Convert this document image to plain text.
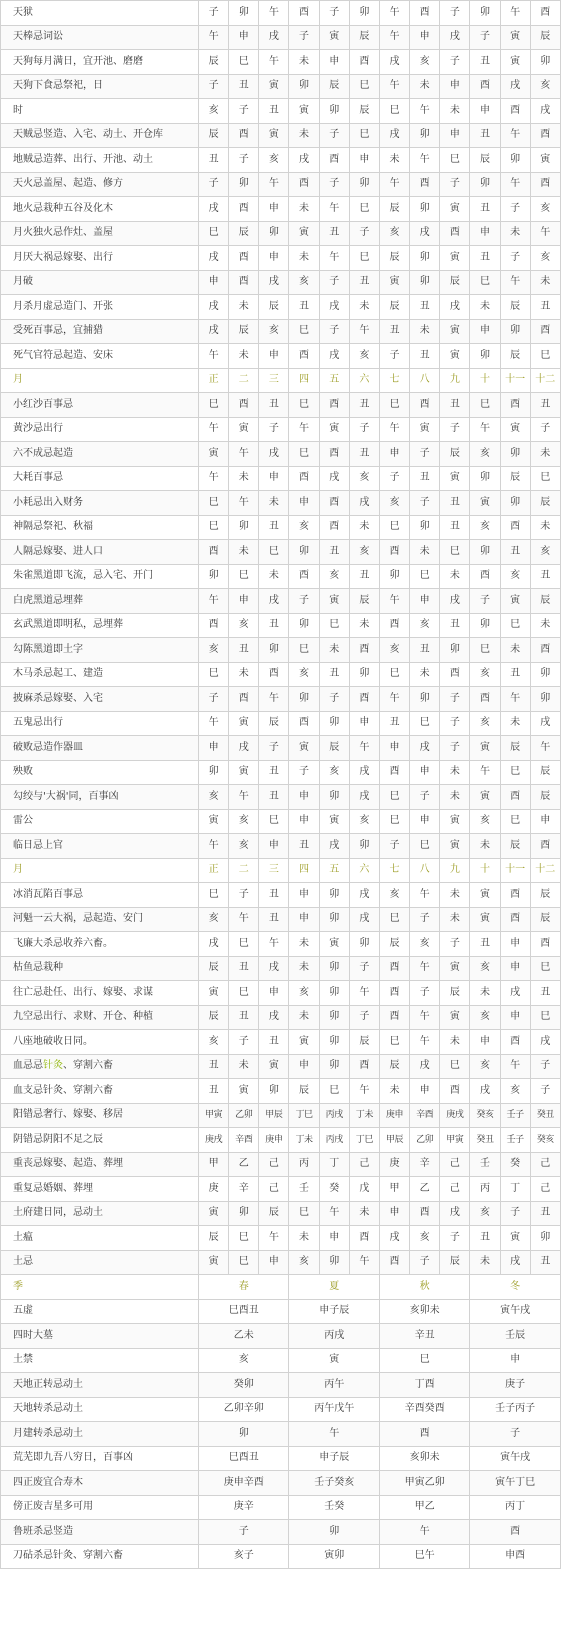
天狱	子	卯	午	酉	子	卯	午	酉	子	卯	午	酉
天棒忌词讼	午	申	戌	子	寅	辰	午	申	戌	子	寅	辰
天狗每月满日，宜开池、磨磨	辰	巳	午	未	申	酉	戌	亥	子	丑	寅	卯
天狗下食忌祭祀，日	子	丑	寅	卯	辰	巳	午	未	申	酉	戌	亥
时	亥	子	丑	寅	卯	辰	巳	午	未	申	酉	戌
天贼忌竖造、入宅、动土、开仓库	辰	酉	寅	未	子	巳	戌	卯	申	丑	午	酉
地贼忌造葬、出行、开池、动土	丑	子	亥	戌	酉	申	未	午	巳	辰	卯	寅
天火忌盖屋、起造、修方	子	卯	午	酉	子	卯	午	酉	子	卯	午	酉
地火忌栽种五谷及化木	戌	酉	申	未	午	巳	辰	卯	寅	丑	子	亥
月火独火忌作灶、盖屋	巳	辰	卯	寅	丑	子	亥	戌	酉	申	未	午
月厌大祸忌嫁娶、出行	戌	酉	申	未	午	巳	辰	卯	寅	丑	子	亥
月破	申	酉	戌	亥	子	丑	寅	卯	辰	巳	午	未
月杀月虚忌造门、开张	戌	未	辰	丑	戌	未	辰	丑	戌	未	辰	丑
受死百事忌，宜捕猎	戌	辰	亥	巳	子	午	丑	未	寅	申	卯	酉
死气官符忌起造、安床	午	未	申	酉	戌	亥	子	丑	寅	卯	辰	巳
月	正	二	三	四	五	六	七	八	九	十	十一	十二
小红沙百事忌	巳	酉	丑	巳	酉	丑	巳	酉	丑	巳	酉	丑
黄沙忌出行	午	寅	子	午	寅	子	午	寅	子	午	寅	子
六不成忌起造	寅	午	戌	巳	酉	丑	申	子	辰	亥	卯	未
大耗百事忌	午	未	申	酉	戌	亥	子	丑	寅	卯	辰	巳
小耗忌出入财务	巳	午	未	申	酉	戌	亥	子	丑	寅	卯	辰
神隔忌祭祀、秋福	巳	卯	丑	亥	酉	未	巳	卯	丑	亥	酉	未
人隔忌嫁娶、进人口	酉	未	巳	卯	丑	亥	酉	未	巳	卯	丑	亥
朱雀黑道即飞流，忌入宅、开门	卯	巳	未	酉	亥	丑	卯	巳	未	酉	亥	丑
白虎黑道忌埋葬	午	申	戌	子	寅	辰	午	申	戌	子	寅	辰
玄武黑道即明私，忌埋葬	酉	亥	丑	卯	巳	未	酉	亥	丑	卯	巳	未
勾陈黑道即土字	亥	丑	卯	巳	未	酉	亥	丑	卯	巳	未	酉
木马杀忌起工、建造	巳	未	酉	亥	丑	卯	巳	未	酉	亥	丑	卯
披麻杀忌嫁娶、入宅	子	酉	午	卯	子	酉	午	卯	子	酉	午	卯
五鬼忌出行	午	寅	辰	酉	卯	申	丑	巳	子	亥	未	戌
破败忌造作器皿	申	戌	子	寅	辰	午	申	戌	子	寅	辰	午
殃败	卯	寅	丑	子	亥	戌	酉	申	未	午	巳	辰
勾绞与'大祸'同，百事凶	亥	午	丑	申	卯	戌	巳	子	未	寅	酉	辰
雷公	寅	亥	巳	申	寅	亥	巳	申	寅	亥	巳	申
临日忌上官	午	亥	申	丑	戌	卯	子	巳	寅	未	辰	酉
月	正	二	三	四	五	六	七	八	九	十	十一	十二
冰消瓦陷百事忌	巳	子	丑	申	卯	戌	亥	午	未	寅	酉	辰
河魁一云大祸，忌起造、安门	亥	午	丑	申	卯	戌	巳	子	未	寅	酉	辰
飞廉大杀忌收养六畜。	戌	巳	午	未	寅	卯	辰	亥	子	丑	申	酉
枯鱼忌栽种	辰	丑	戌	未	卯	子	酉	午	寅	亥	申	巳
往亡忌赴任、出行、嫁娶、求谋	寅	巳	申	亥	卯	午	酉	子	辰	未	戌	丑
九空忌出行、求财、开仓、种植	辰	丑	戌	未	卯	子	酉	午	寅	亥	申	巳
八座地破收日同。	亥	子	丑	寅	卯	辰	巳	午	未	申	酉	戌
血忌忌针灸、穿割六畜	丑	未	寅	申	卯	酉	辰	戌	巳	亥	午	子
血支忌针灸、穿割六畜	丑	寅	卯	辰	巳	午	未	申	酉	戌	亥	子
阳错忌奢行、嫁娶、移居	甲寅	乙卯	甲辰	丁巳	丙戌	丁未	庚申	辛酉	庚戌	癸亥	壬子	癸丑
阴错忌阴阳不足之辰	庚戌	辛酉	庚申	丁未	丙戌	丁巳	甲辰	乙卯	甲寅	癸丑	壬子	癸亥
重丧忌嫁娶、起造、葬埋	甲	乙	己	丙	丁	己	庚	辛	己	壬	癸	己
重复忌婚姻、葬埋	庚	辛	己	壬	癸	戊	甲	乙	己	丙	丁	己
土府建日同，忌动土	寅	卯	辰	巳	午	未	申	酉	戌	亥	子	丑
土瘟	辰	巳	午	未	申	酉	戌	亥	子	丑	寅	卯
土忌	寅	巳	申	亥	卯	午	酉	子	辰	未	戌	丑
季	春			夏			秋			冬		
五虚	巳酉丑			申子辰			亥卯未			寅午戌		
四时大墓	乙未			丙戌			辛丑			壬辰		
土禁	亥			寅			巳			申		
天地正转忌动土	癸卯			丙午			丁酉			庚子		
天地转杀忌动土	乙卯辛卯			丙午戊午			辛酉癸酉			壬子丙子		
月建转杀忌动土	卯			午			酉			子		
荒芜即九吾八穷日，百事凶	巳酉丑			申子辰			亥卯未			寅午戌		
四正废宜合寿木	庚申辛酉			壬子癸亥			甲寅乙卯			寅午丁巳		
傍正废吉星多可用	庚辛			壬癸			甲乙			丙丁		
鲁班杀忌竖造	子			卯			午			酉		
刀砧杀忌针灸、穿割六畜	亥子			寅卯			巳午			申酉		
